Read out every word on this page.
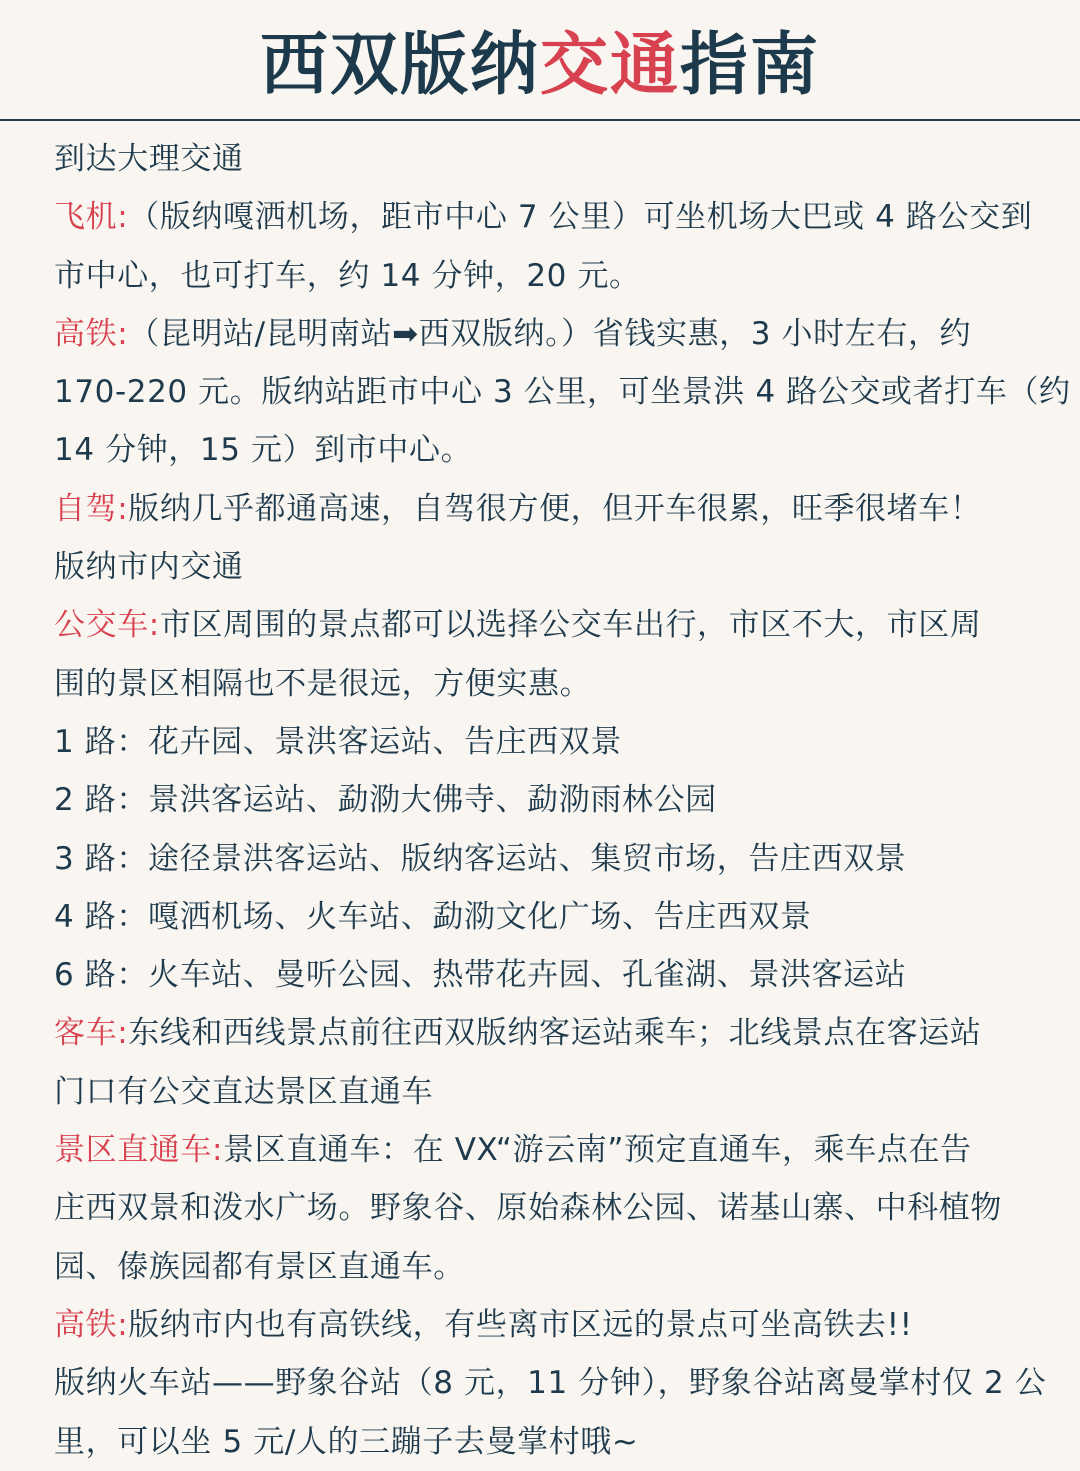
西双版纳 交通 指南
到达大理交通
飞机:（版纳嘎洒机场，距市中心 7 公里）可坐机场大巴或 4 路公交到
市中心，也可打车，约 14 分钟，20 元。
高铁:（昆明站/昆明南站➡西双版纳。）省钱实惠，3 小时左右，约
170-220 元。版纳站距市中心 3 公里，可坐景洪 4 路公交或者打车（约
14 分钟，15 元）到市中心。
自驾:版纳几乎都通高速，自驾很方便，但开车很累，旺季很堵车！
版纳市内交通
公交车:市区周围的景点都可以选择公交车出行，市区不大，市区周
围的景区相隔也不是很远，方便实惠。
1 路：花卉园、景洪客运站、告庄西双景
2 路：景洪客运站、勐泐大佛寺、勐泐雨林公园
3 路：途径景洪客运站、版纳客运站、集贸市场，告庄西双景
4 路：嘎洒机场、火车站、勐泐文化广场、告庄西双景
6 路：火车站、曼听公园、热带花卉园、孔雀湖、景洪客运站
客车:东线和西线景点前往西双版纳客运站乘车；北线景点在客运站
门口有公交直达景区直通车
景区直通车:景区直通车：在 VX“游云南”预定直通车，乘车点在告
庄西双景和泼水广场。野象谷、原始森林公园、诺基山寨、中科植物
园、傣族园都有景区直通车。
高铁:版纳市内也有高铁线，有些离市区远的景点可坐高铁去!!
版纳火车站——野象谷站（8 元，11 分钟），野象谷站离曼掌村仅 2 公
里，可以坐 5 元/人的三蹦子去曼掌村哦~
